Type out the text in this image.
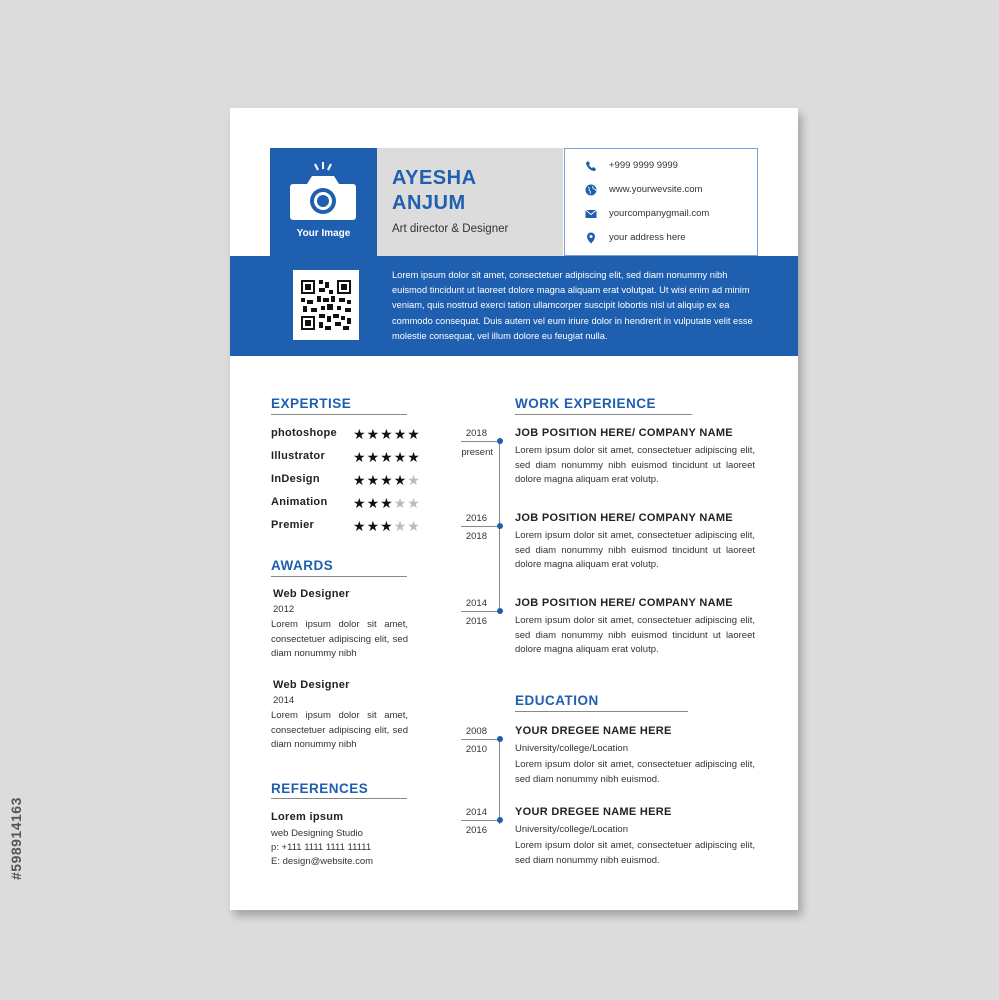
Your Image
AYESHA
ANJUM
Art director & Designer
+999 9999 9999
www.yourwevsite.com
yourcompanygmail.com
your address here
Lorem ipsum dolor sit amet, consectetuer adipiscing elit, sed diam nonummy nibh euismod tincidunt ut laoreet dolore magna aliquam erat volutpat. Ut wisi enim ad minim veniam, quis nostrud exerci tation ullamcorper suscipit lobortis nisl ut aliquip ex ea commodo consequat. Duis autem vel eum iriure dolor in hendrerit in vulputate velit esse molestie consequat, vel illum dolore eu feugiat nulla.
EXPERTISE
photoshope ★★★★★
Illustrator ★★★★★
InDesign ★★★★★
Animation ★★★★★
Premier	★★★★★
AWARDS
Web Designer
2012
Lorem ipsum dolor sit amet, consectetuer adipiscing elit, sed diam nonummy nibh
Web Designer
2014
Lorem ipsum dolor sit amet, consectetuer adipiscing elit, sed diam nonummy nibh
REFERENCES
Lorem ipsum
web Designing Studio
p: +111 1111 1111 11111
E: design@website.com
WORK EXPERIENCE
2018
present
JOB POSITION HERE/ COMPANY NAME
Lorem ipsum dolor sit amet, consectetuer adipiscing elit, sed diam nonummy nibh euismod tincidunt ut laoreet dolore magna aliquam erat volutp.
2016
2018
JOB POSITION HERE/ COMPANY NAME
Lorem ipsum dolor sit amet, consectetuer adipiscing elit, sed diam nonummy nibh euismod tincidunt ut laoreet dolore magna aliquam erat volutp.
2014
2016
JOB POSITION HERE/ COMPANY NAME
Lorem ipsum dolor sit amet, consectetuer adipiscing elit, sed diam nonummy nibh euismod tincidunt ut laoreet dolore magna aliquam erat volutp.
EDUCATION
2008
2010
YOUR DREGEE NAME HERE
University/college/Location
Lorem ipsum dolor sit amet, consectetuer adipiscing elit, sed diam nonummy nibh euismod.
2014
2016
YOUR DREGEE NAME HERE
University/college/Location
Lorem ipsum dolor sit amet, consectetuer adipiscing elit, sed diam nonummy nibh euismod.
#598914163
